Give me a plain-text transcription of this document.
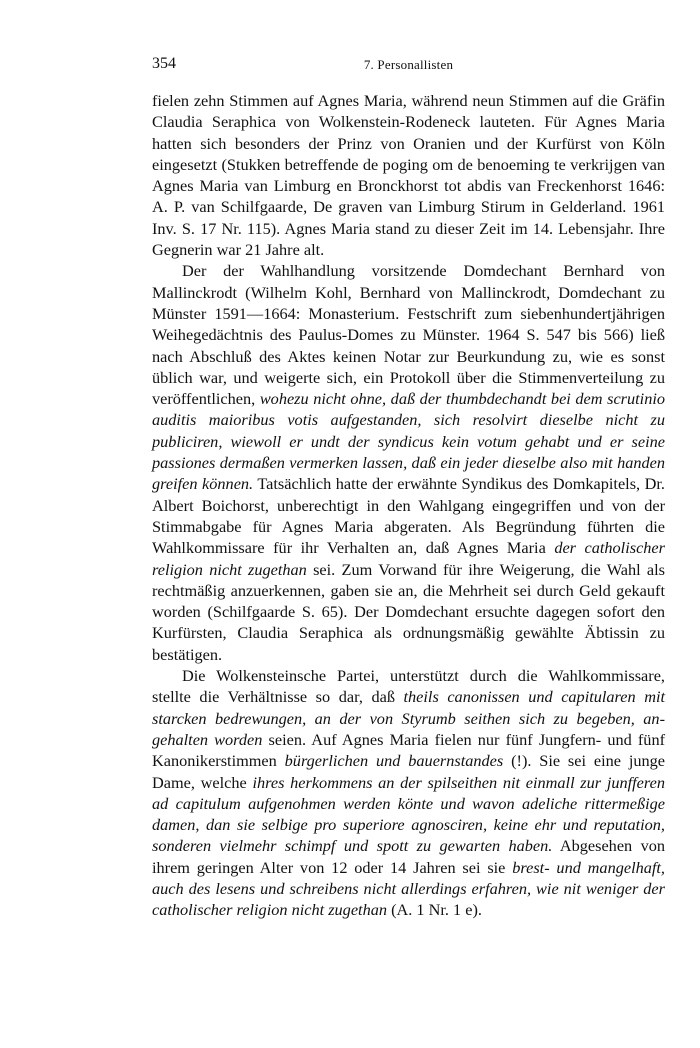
354	7. Personallisten

fielen zehn Stimmen auf Agnes Maria, während neun Stimmen auf die Gräfin Claudia Seraphica von Wolkenstein-Rodeneck lauteten. Für Agnes Maria hatten sich besonders der Prinz von Oranien und der Kurfürst von Köln eingesetzt (Stukken betreffende de poging om de benoeming te verkrijgen van Agnes Maria van Limburg en Bronckhorst tot abdis van Freckenhorst 1646: A. P. van Schilfgaarde, De graven van Limburg Stirum in Gelderland. 1961 Inv. S. 17 Nr. 115). Agnes Maria stand zu dieser Zeit im 14. Lebensjahr. Ihre Gegnerin war 21 Jahre alt.

Der der Wahlhandlung vorsitzende Domdechant Bernhard von Mallinckrodt (Wilhelm Kohl, Bernhard von Mallinckrodt, Domdechant zu Münster 1591—1664: Monasterium. Festschrift zum siebenhundertjährigen Weihegedächtnis des Paulus-Domes zu Münster. 1964 S. 547 bis 566) ließ nach Abschluß des Aktes keinen Notar zur Beurkundung zu, wie es sonst üblich war, und weigerte sich, ein Protokoll über die Stimmenverteilung zu veröffentlichen, wohezu nicht ohne, daß der thumbdechandt bei dem scrutinio auditis maioribus votis aufgestanden, sich resolvirt dieselbe nicht zu publiciren, wiewoll er undt der syndicus kein votum gehabt und er seine passiones dermaßen vermerken lassen, daß ein jeder dieselbe also mit handen greifen können. Tatsächlich hatte der erwähnte Syndikus des Domkapitels, Dr. Albert Boichorst, unberechtigt in den Wahlgang eingegriffen und von der Stimmabgabe für Agnes Maria abgeraten. Als Begründung führten die Wahlkommissare für ihr Verhalten an, daß Agnes Maria der catholischer religion nicht zugethan sei. Zum Vorwand für ihre Weigerung, die Wahl als rechtmäßig anzuerkennen, gaben sie an, die Mehrheit sei durch Geld gekauft worden (Schilfgaarde S. 65). Der Domdechant ersuchte dagegen sofort den Kurfürsten, Claudia Seraphica als ordnungsmäßig gewählte Äbtissin zu bestätigen.

Die Wolkensteinsche Partei, unterstützt durch die Wahlkommissare, stellte die Verhältnisse so dar, daß theils canonissen und capitularen mit starcken bedrewungen, an der von Styrumb seithen sich zu begeben, angehalten worden seien. Auf Agnes Maria fielen nur fünf Jungfern- und fünf Kanonikerstimmen bürgerlichen und bauernstandes (!). Sie sei eine junge Dame, welche ihres herkommens an der spilseithen nit einmall zur junfferen ad capitulum aufgenohmen werden könte und wavon adeliche rittermeßige damen, dan sie selbige pro superiore agnosciren, keine ehr und reputation, sonderen vielmehr schimpf und spott zu gewarten haben. Abgesehen von ihrem geringen Alter von 12 oder 14 Jahren sei sie brest- und mangelhaft, auch des lesens und schreibens nicht allerdings erfahren, wie nit weniger der catholischer religion nicht zugethan (A. 1 Nr. 1 e).
